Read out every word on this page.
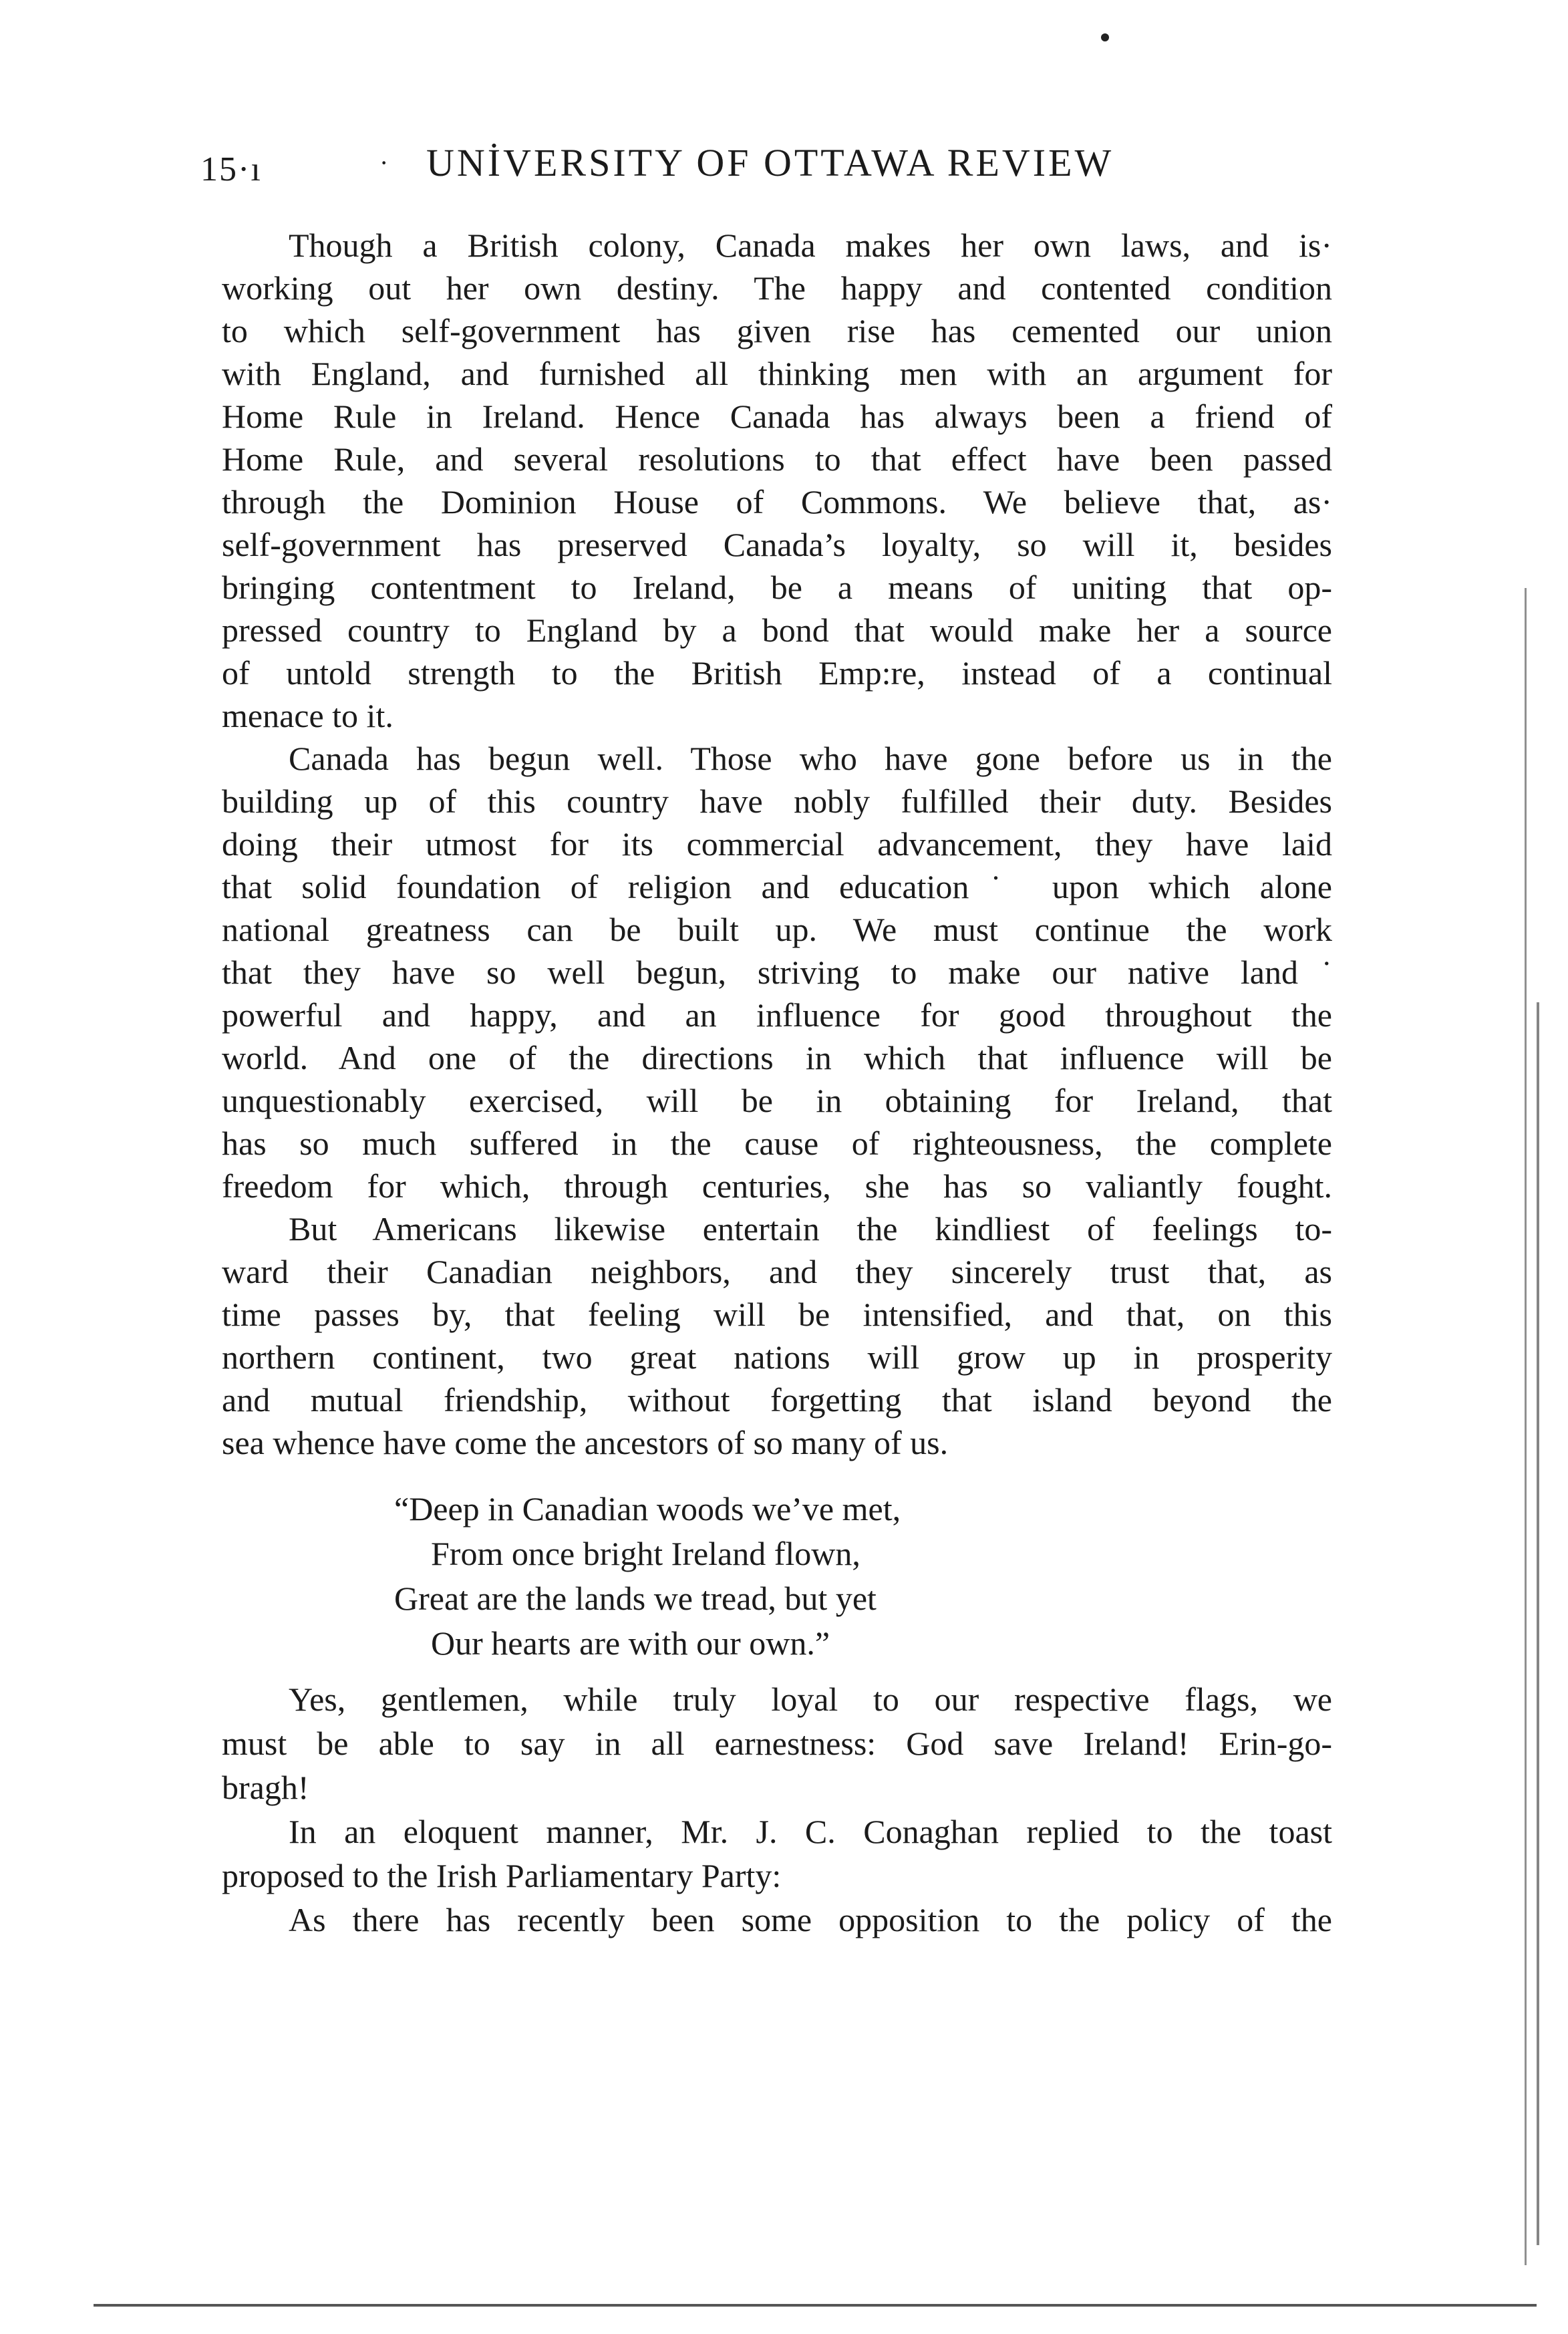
15·ı	· UNİVERSITY OF OTTAWA REVIEW
Though a British colony, Canada makes her own laws, and is·
working out her own destiny. The happy and contented condition
to which self-government has given rise has cemented our union
with England, and furnished all thinking men with an argument for
Home Rule in Ireland. Hence Canada has always been a friend of
Home Rule, and several resolutions to that effect have been passed
through the Dominion House of Commons. We believe that, as·
self-government has preserved Canada’s loyalty, so will it, besides
bringing contentment to Ireland, be a means of uniting that op-
pressed country to England by a bond that would make her a source
of untold strength to the British Emp:re, instead of a continual
menace to it.
Canada has begun well. Those who have gone before us in the
building up of this country have nobly fulfilled their duty. Besides
doing their utmost for its commercial advancement, they have laid
that solid foundation of religion and education˙ upon which alone
national greatness can be built up. We must continue the work
that they have so well begun, striving to make our native land˙
powerful and happy, and an influence for good throughout the
world. And one of the directions in which that influence will be
unquestionably exercised, will be in obtaining for Ireland, that
has so much suffered in the cause of righteousness, the complete
freedom for which, through centuries, she has so valiantly fought.
But Americans likewise entertain the kindliest of feelings to-
ward their Canadian neighbors, and they sincerely trust that, as
time passes by, that feeling will be intensified, and that, on this
northern continent, two great nations will grow up in prosperity
and mutual friendship, without forgetting that island beyond the
sea whence have come the ancestors of so many of us.
“Deep in Canadian woods we’ve met,
From once bright Ireland flown,
Great are the lands we tread, but yet
Our hearts are with our own.”
Yes, gentlemen, while truly loyal to our respective flags, we
must be able to say in all earnestness: God save Ireland! Erin-go-
bragh!
In an eloquent manner, Mr. J. C. Conaghan replied to the toast
proposed to the Irish Parliamentary Party:
As there has recently been some opposition to the policy of the
